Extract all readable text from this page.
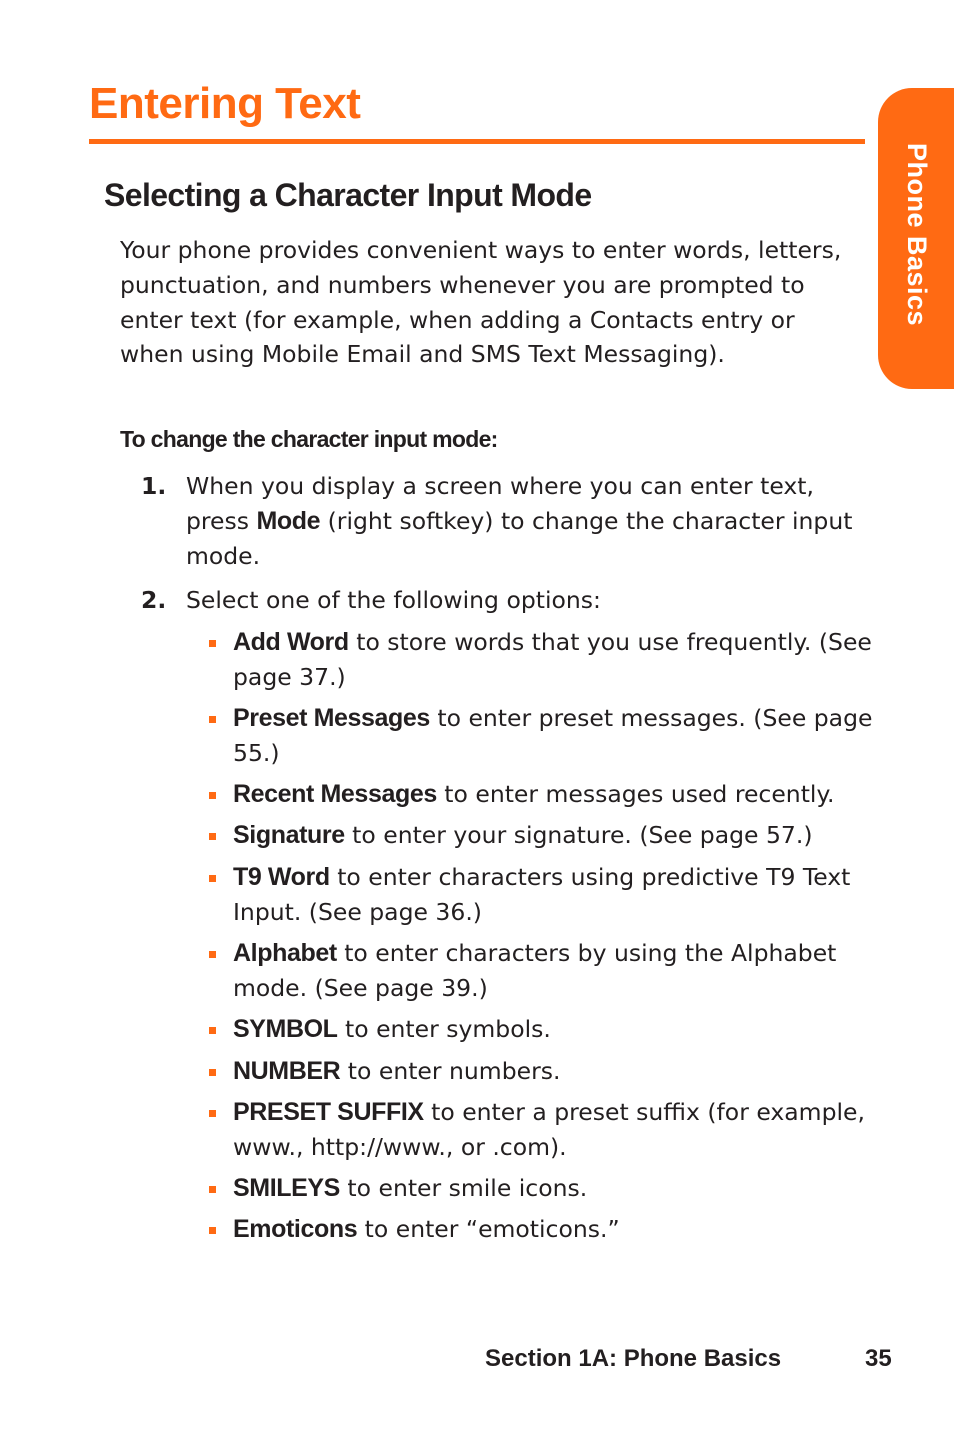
Entering Text
Phone Basics
Selecting a Character Input Mode

Your phone provides convenient ways to enter words, letters, punctuation, and numbers whenever you are prompted to enter text (for example, when adding a Contacts entry or when using Mobile Email and SMS Text Messaging).

To change the character input mode:

1. When you display a screen where you can enter text, press Mode (right softkey) to change the character input mode.
2. Select one of the following options:
Add Word to store words that you use frequently. (See page 37.)
Preset Messages to enter preset messages. (See page 55.)
Recent Messages to enter messages used recently.
Signature to enter your signature. (See page 57.)
T9 Word to enter characters using predictive T9 Text Input. (See page 36.)
Alphabet to enter characters by using the Alphabet mode. (See page 39.)
SYMBOL to enter symbols.
NUMBER to enter numbers.
PRESET SUFFIX to enter a preset suffix (for example, www., http://www., or .com).
SMILEYS to enter smile icons.
Emoticons to enter “emoticons.”
Section 1A: Phone Basics	35
